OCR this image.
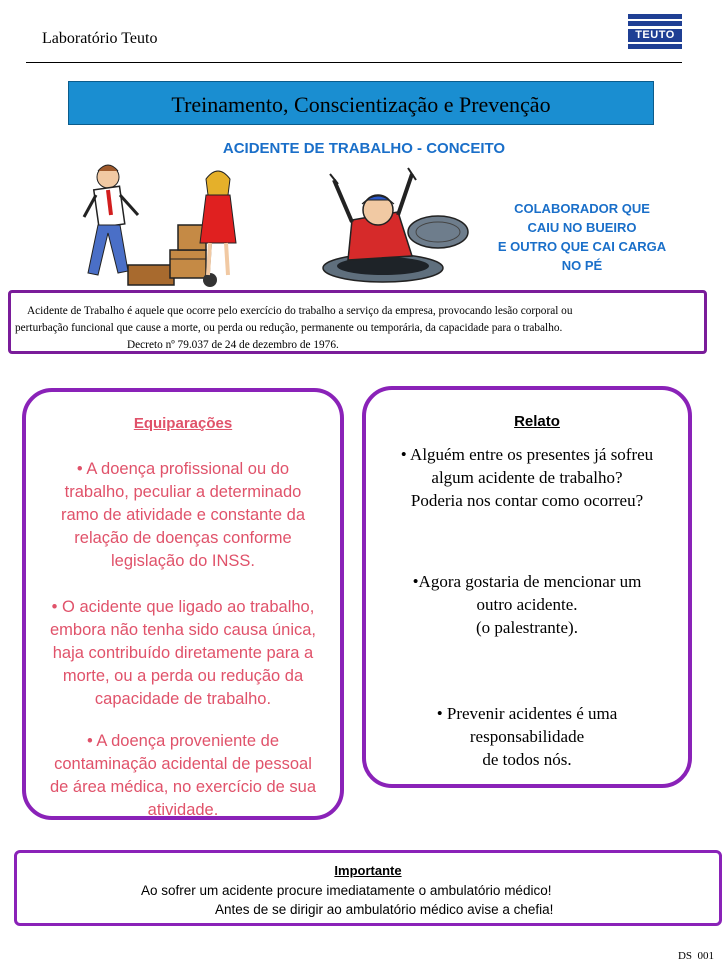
Laboratório Teuto	TEUTO
Treinamento, Conscientização e Prevenção
ACIDENTE DE TRABALHO - CONCEITO
COLABORADOR QUE
CAIU NO BUEIRO
E OUTRO QUE CAI CARGA
NO PÉ
Acidente de Trabalho é aquele que ocorre pelo exercício do trabalho a serviço da empresa, provocando lesão corporal ou
perturbação funcional que cause a morte, ou perda ou redução, permanente ou temporária, da capacidade para o trabalho.
Decreto nº 79.037 de 24 de dezembro de 1976.
Equiparações
• A doença profissional ou do
trabalho, peculiar a determinado
ramo de atividade e constante da
relação de doenças conforme
legislação do INSS.
• O acidente que ligado ao trabalho,
embora não tenha sido causa única,
haja contribuído diretamente para a
morte, ou a perda ou redução da
capacidade de trabalho.
• A doença proveniente de
contaminação acidental de pessoal
de área médica, no exercício de sua
atividade.
Relato
• Alguém entre os presentes já sofreu
algum acidente de trabalho?
Poderia nos contar como ocorreu?
•Agora gostaria de mencionar um
outro acidente.
(o palestrante).
• Prevenir acidentes é uma
responsabilidade
de todos nós.
Importante
Ao sofrer um acidente procure imediatamente o ambulatório médico!
Antes de se dirigir ao ambulatório médico avise a chefia!
DS  001
